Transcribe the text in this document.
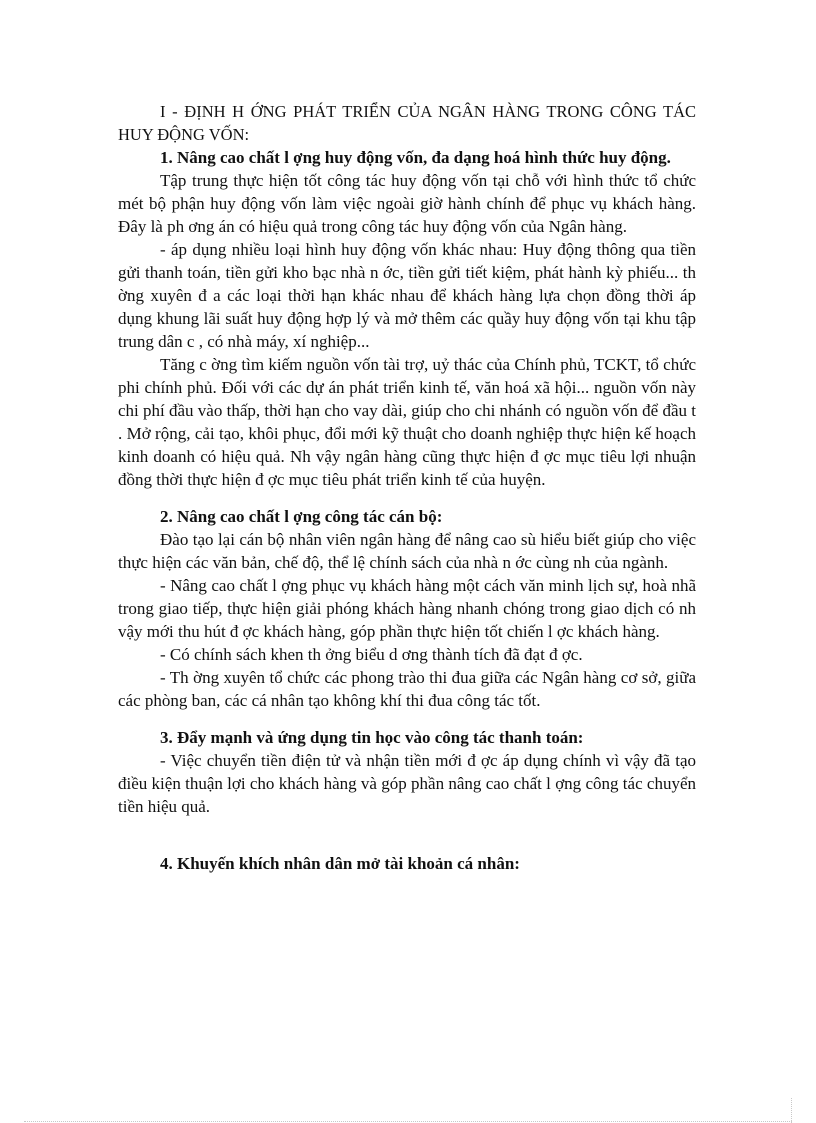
I - ĐỊNH H ỚNG PHÁT TRIỂN CỦA NGÂN HÀNG TRONG CÔNG TÁC HUY ĐỘNG VỐN:

1. Nâng cao chất l ợng huy động vốn, đa dạng hoá hình thức huy động.

Tập trung thực hiện tốt công tác huy động vốn tại chỗ với hình thức tổ chức mét bộ phận huy động vốn làm việc ngoài giờ hành chính để phục vụ khách hàng. Đây là ph ơng án có hiệu quả trong công tác huy động vốn của Ngân hàng.

- áp dụng nhiều loại hình huy động vốn khác nhau: Huy động thông qua tiền gửi thanh toán, tiền gửi kho bạc nhà n ớc, tiền gửi tiết kiệm, phát hành kỳ phiếu... th ờng xuyên đ a các loại thời hạn khác nhau để khách hàng lựa chọn đồng thời áp dụng khung lãi suất huy động hợp lý và mở thêm các quầy huy động vốn tại khu tập trung dân c , có nhà máy, xí nghiệp...

Tăng c ờng tìm kiếm nguồn vốn tài trợ, uỷ thác của Chính phủ, TCKT, tổ chức phi chính phủ. Đối với các dự án phát triển kinh tế, văn hoá xã hội... nguồn vốn này chi phí đầu vào thấp, thời hạn cho vay dài, giúp cho chi nhánh có nguồn vốn để đầu t . Mở rộng, cải tạo, khôi phục, đổi mới kỹ thuật cho doanh nghiệp thực hiện kế hoạch kinh doanh có hiệu quả. Nh vậy ngân hàng cũng thực hiện đ ợc mục tiêu lợi nhuận đồng thời thực hiện đ ợc mục tiêu phát triển kinh tế của huyện.

2. Nâng cao chất l ợng công tác cán bộ:

Đào tạo lại cán bộ nhân viên ngân hàng để nâng cao sù hiểu biết giúp cho việc thực hiện các văn bản, chế độ, thể lệ chính sách của nhà n ớc cùng nh của ngành.

- Nâng cao chất l ợng phục vụ khách hàng một cách văn minh lịch sự, hoà nhã trong giao tiếp, thực hiện giải phóng khách hàng nhanh chóng trong giao dịch có nh vậy mới thu hút đ ợc khách hàng, góp phần thực hiện tốt chiến l ợc khách hàng.

- Có chính sách khen th ởng biểu d ơng thành tích đã đạt đ ợc.

- Th ờng xuyên tổ chức các phong trào thi đua giữa các Ngân hàng cơ sở, giữa các phòng ban, các cá nhân tạo không khí thi đua công tác tốt.

3. Đẩy mạnh và ứng dụng tin học vào công tác thanh toán:

- Việc chuyển tiền điện tử và nhận tiền mới đ ợc áp dụng chính vì vậy đã tạo điều kiện thuận lợi cho khách hàng và góp phần nâng cao chất l ợng công tác chuyển tiền hiệu quả.

4. Khuyến khích nhân dân mở tài khoản cá nhân:
